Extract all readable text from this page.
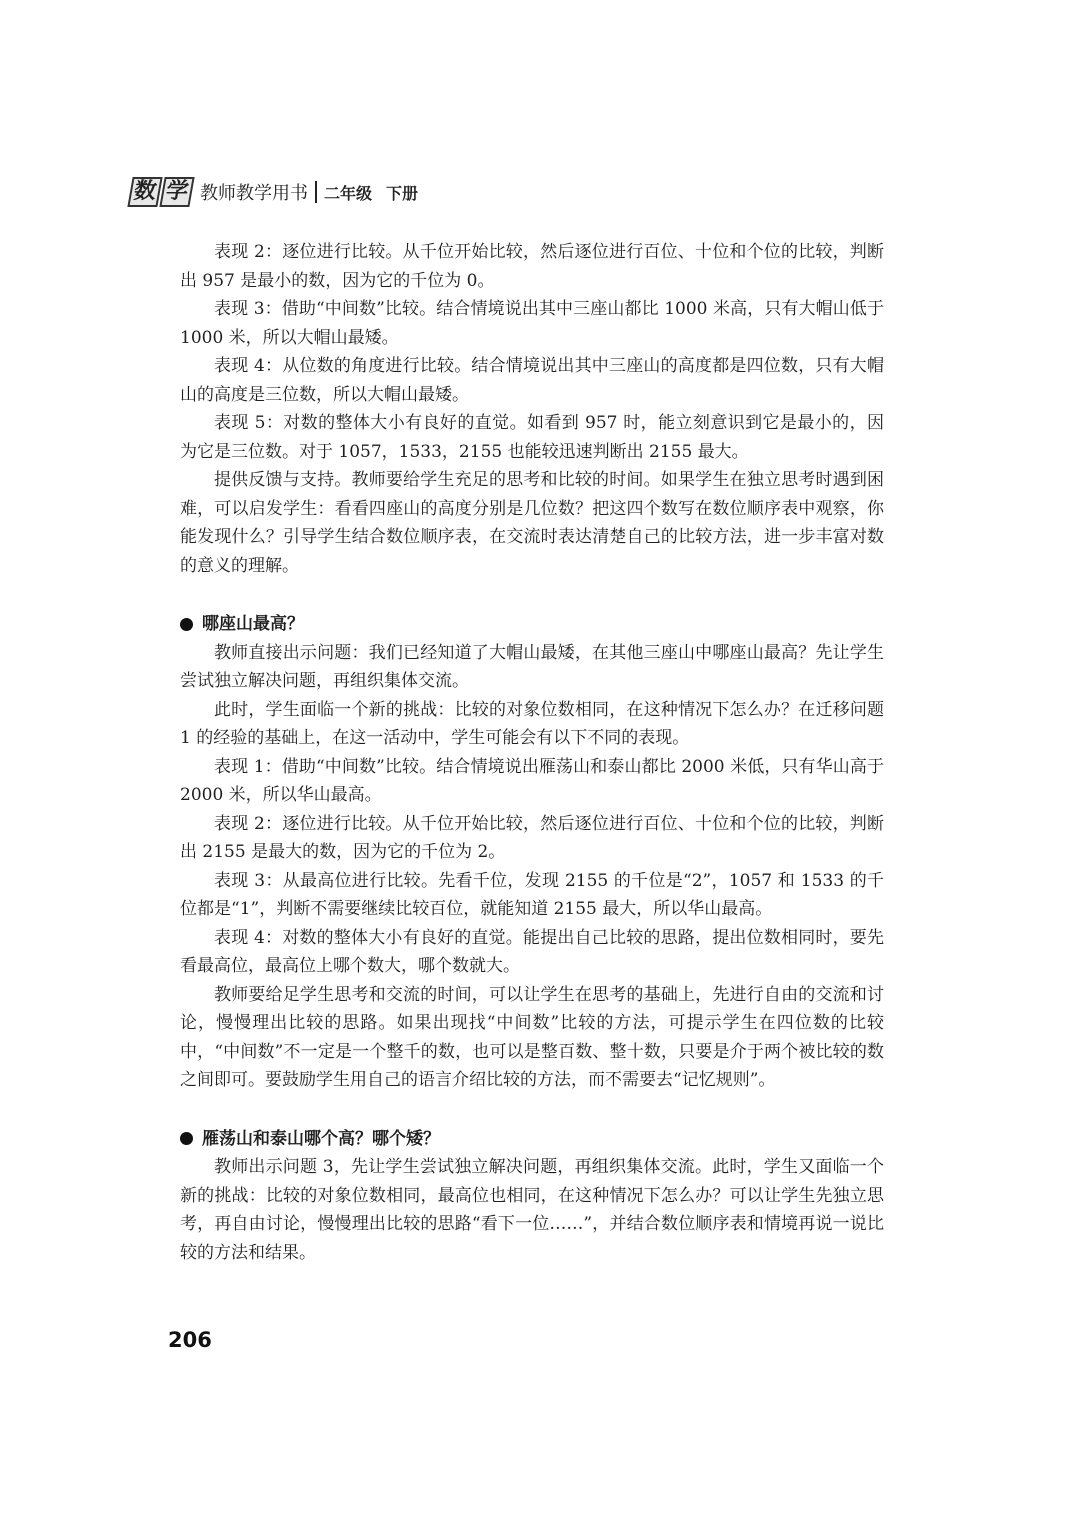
数 学 教师教学用书 二年级 下册

表现 2：逐位进行比较。从千位开始比较，然后逐位进行百位、十位和个位的比较，判断出 957 是最小的数，因为它的千位为 0。

表现 3：借助“中间数”比较。结合情境说出其中三座山都比 1000 米高，只有大帽山低于 1000 米，所以大帽山最矮。

表现 4：从位数的角度进行比较。结合情境说出其中三座山的高度都是四位数，只有大帽山的高度是三位数，所以大帽山最矮。

表现 5：对数的整体大小有良好的直觉。如看到 957 时，能立刻意识到它是最小的，因为它是三位数。对于 1057，1533，2155 也能较迅速判断出 2155 最大。

提供反馈与支持。教师要给学生充足的思考和比较的时间。如果学生在独立思考时遇到困难，可以启发学生：看看四座山的高度分别是几位数？把这四个数写在数位顺序表中观察，你能发现什么？引导学生结合数位顺序表，在交流时表达清楚自己的比较方法，进一步丰富对数的意义的理解。

哪座山最高？

教师直接出示问题：我们已经知道了大帽山最矮，在其他三座山中哪座山最高？先让学生尝试独立解决问题，再组织集体交流。

此时，学生面临一个新的挑战：比较的对象位数相同，在这种情况下怎么办？在迁移问题 1 的经验的基础上，在这一活动中，学生可能会有以下不同的表现。

表现 1：借助“中间数”比较。结合情境说出雁荡山和泰山都比 2000 米低，只有华山高于 2000 米，所以华山最高。

表现 2：逐位进行比较。从千位开始比较，然后逐位进行百位、十位和个位的比较，判断出 2155 是最大的数，因为它的千位为 2。

表现 3：从最高位进行比较。先看千位，发现 2155 的千位是“2”，1057 和 1533 的千位都是“1”，判断不需要继续比较百位，就能知道 2155 最大，所以华山最高。

表现 4：对数的整体大小有良好的直觉。能提出自己比较的思路，提出位数相同时，要先看最高位，最高位上哪个数大，哪个数就大。

教师要给足学生思考和交流的时间，可以让学生在思考的基础上，先进行自由的交流和讨论，慢慢理出比较的思路。如果出现找“中间数”比较的方法，可提示学生在四位数的比较中，“中间数”不一定是一个整千的数，也可以是整百数、整十数，只要是介于两个被比较的数之间即可。要鼓励学生用自己的语言介绍比较的方法，而不需要去“记忆规则”。

雁荡山和泰山哪个高？哪个矮？

教师出示问题 3，先让学生尝试独立解决问题，再组织集体交流。此时，学生又面临一个新的挑战：比较的对象位数相同，最高位也相同，在这种情况下怎么办？可以让学生先独立思考，再自由讨论，慢慢理出比较的思路“看下一位……”，并结合数位顺序表和情境再说一说比较的方法和结果。

206
